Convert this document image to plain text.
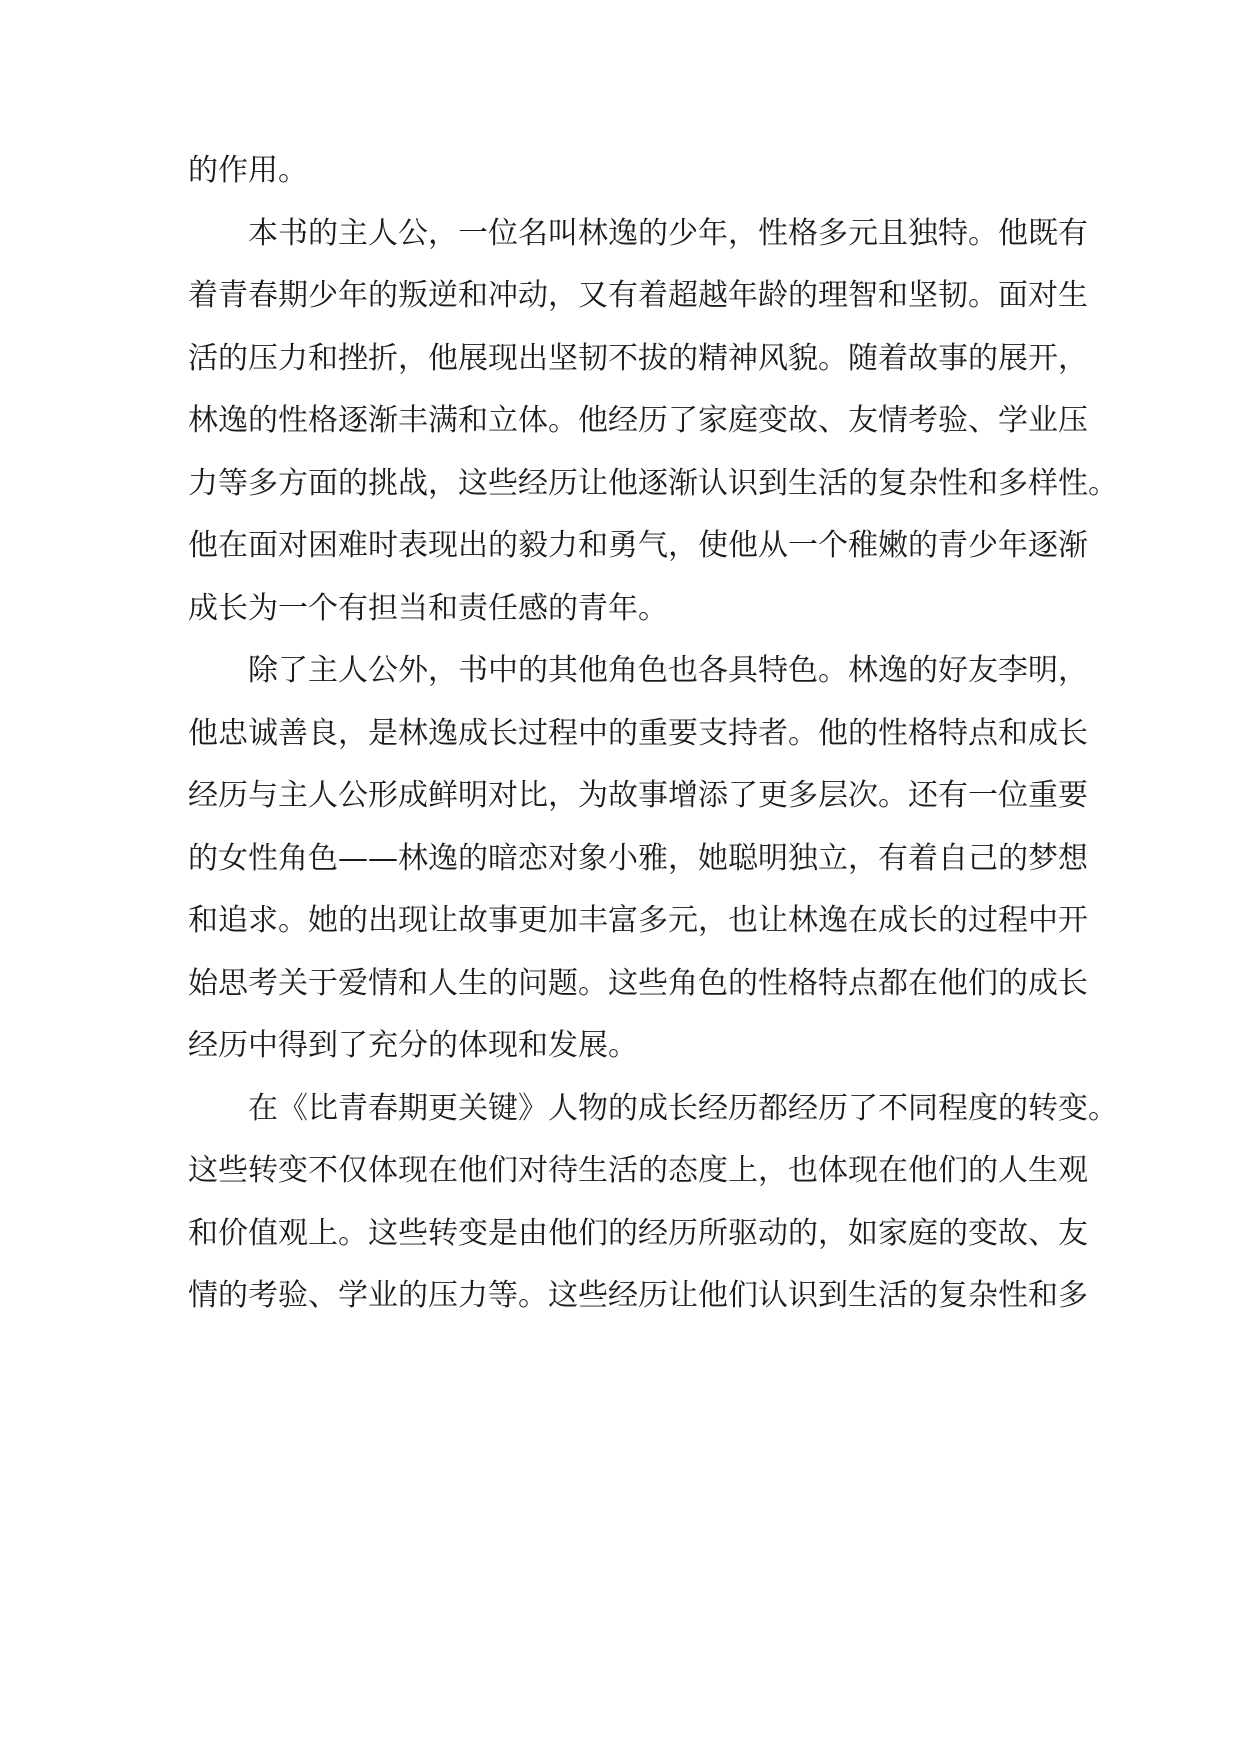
的作用。
本书的主人公，一位名叫林逸的少年，性格多元且独特。他既有
着青春期少年的叛逆和冲动，又有着超越年龄的理智和坚韧。面对生
活的压力和挫折，他展现出坚韧不拔的精神风貌。随着故事的展开，
林逸的性格逐渐丰满和立体。他经历了家庭变故、友情考验、学业压
力等多方面的挑战，这些经历让他逐渐认识到生活的复杂性和多样性。
他在面对困难时表现出的毅力和勇气，使他从一个稚嫩的青少年逐渐
成长为一个有担当和责任感的青年。
除了主人公外，书中的其他角色也各具特色。林逸的好友李明，
他忠诚善良，是林逸成长过程中的重要支持者。他的性格特点和成长
经历与主人公形成鲜明对比，为故事增添了更多层次。还有一位重要
的女性角色——林逸的暗恋对象小雅，她聪明独立，有着自己的梦想
和追求。她的出现让故事更加丰富多元，也让林逸在成长的过程中开
始思考关于爱情和人生的问题。这些角色的性格特点都在他们的成长
经历中得到了充分的体现和发展。
在《比青春期更关键》人物的成长经历都经历了不同程度的转变。
这些转变不仅体现在他们对待生活的态度上，也体现在他们的人生观
和价值观上。这些转变是由他们的经历所驱动的，如家庭的变故、友
情的考验、学业的压力等。这些经历让他们认识到生活的复杂性和多
